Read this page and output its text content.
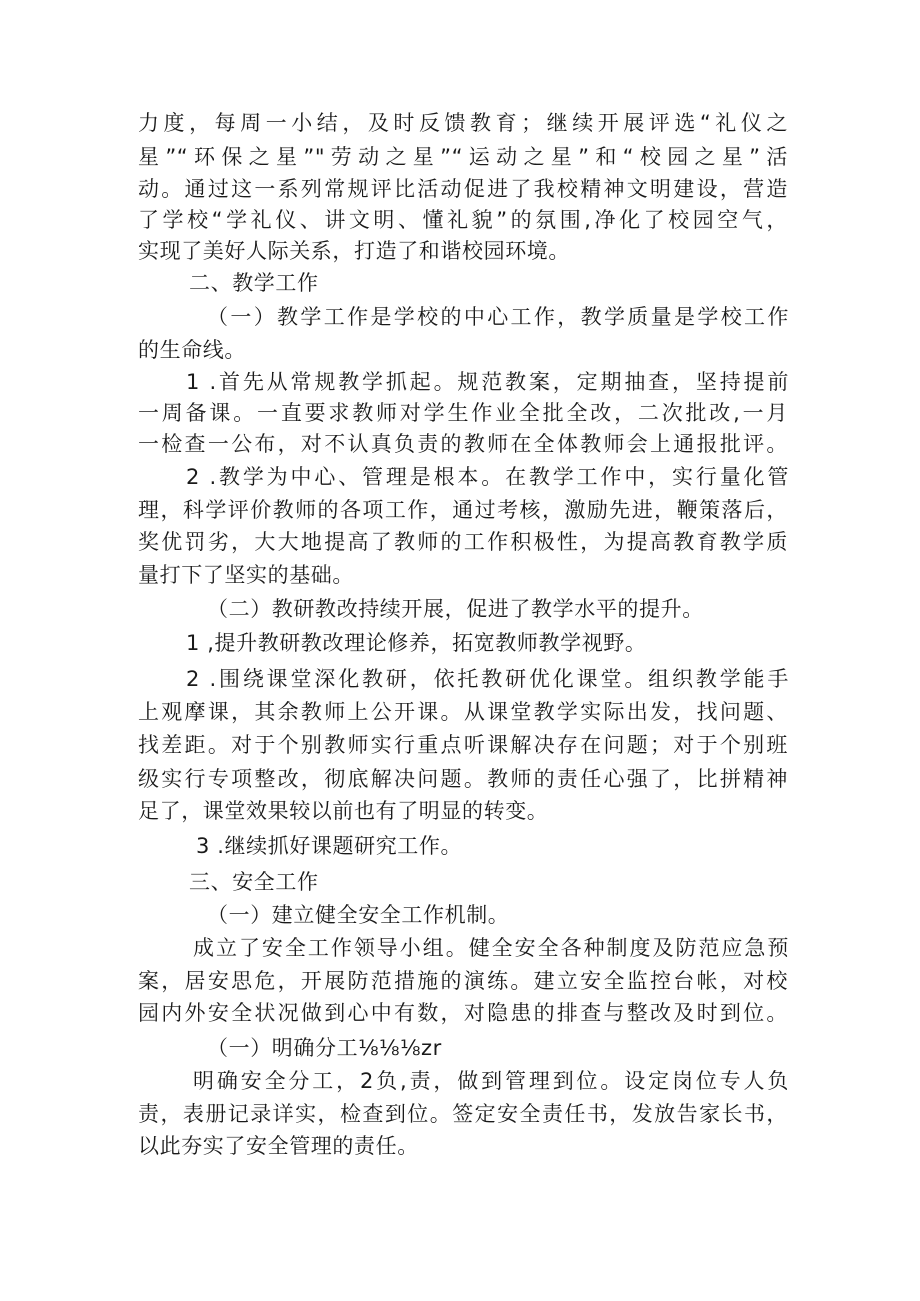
力度，每周一小结，及时反馈教育；继续开展评选“礼仪之
星”“环保之星”"劳动之星”“运动之星”和“校园之星”活
动。通过这一系列常规评比活动促进了我校精神文明建设，营造
了学校“学礼仪、讲文明、懂礼貌”的氛围,净化了校园空气，
实现了美好人际关系，打造了和谐校园环境。
二、教学工作
（一）教学工作是学校的中心工作，教学质量是学校工作
的生命线。
1 .首先从常规教学抓起。规范教案，定期抽查，坚持提前
一周备课。一直要求教师对学生作业全批全改，二次批改,一月
一检查一公布，对不认真负责的教师在全体教师会上通报批评。
2 .教学为中心、管理是根本。在教学工作中，实行量化管
理，科学评价教师的各项工作，通过考核，激励先进，鞭策落后，
奖优罚劣，大大地提高了教师的工作积极性，为提高教育教学质
量打下了坚实的基础。
（二）教研教改持续开展，促进了教学水平的提升。
1 ,提升教研教改理论修养，拓宽教师教学视野。
2 .围绕课堂深化教研，依托教研优化课堂。组织教学能手
上观摩课，其余教师上公开课。从课堂教学实际出发，找问题、
找差距。对于个别教师实行重点听课解决存在问题；对于个别班
级实行专项整改，彻底解决问题。教师的责任心强了，比拼精神
足了，课堂效果较以前也有了明显的转变。
3 .继续抓好课题研究工作。
三、安全工作
（一）建立健全安全工作机制。
成立了安全工作领导小组。健全安全各种制度及防范应急预
案，居安思危，开展防范措施的演练。建立安全监控台帐，对校
园内外安全状况做到心中有数，对隐患的排查与整改及时到位。
（一）明确分工⅛⅛⅛zr
明确安全分工，2负,责，做到管理到位。设定岗位专人负
责，表册记录详实，检查到位。签定安全责任书，发放告家长书，
以此夯实了安全管理的责任。
